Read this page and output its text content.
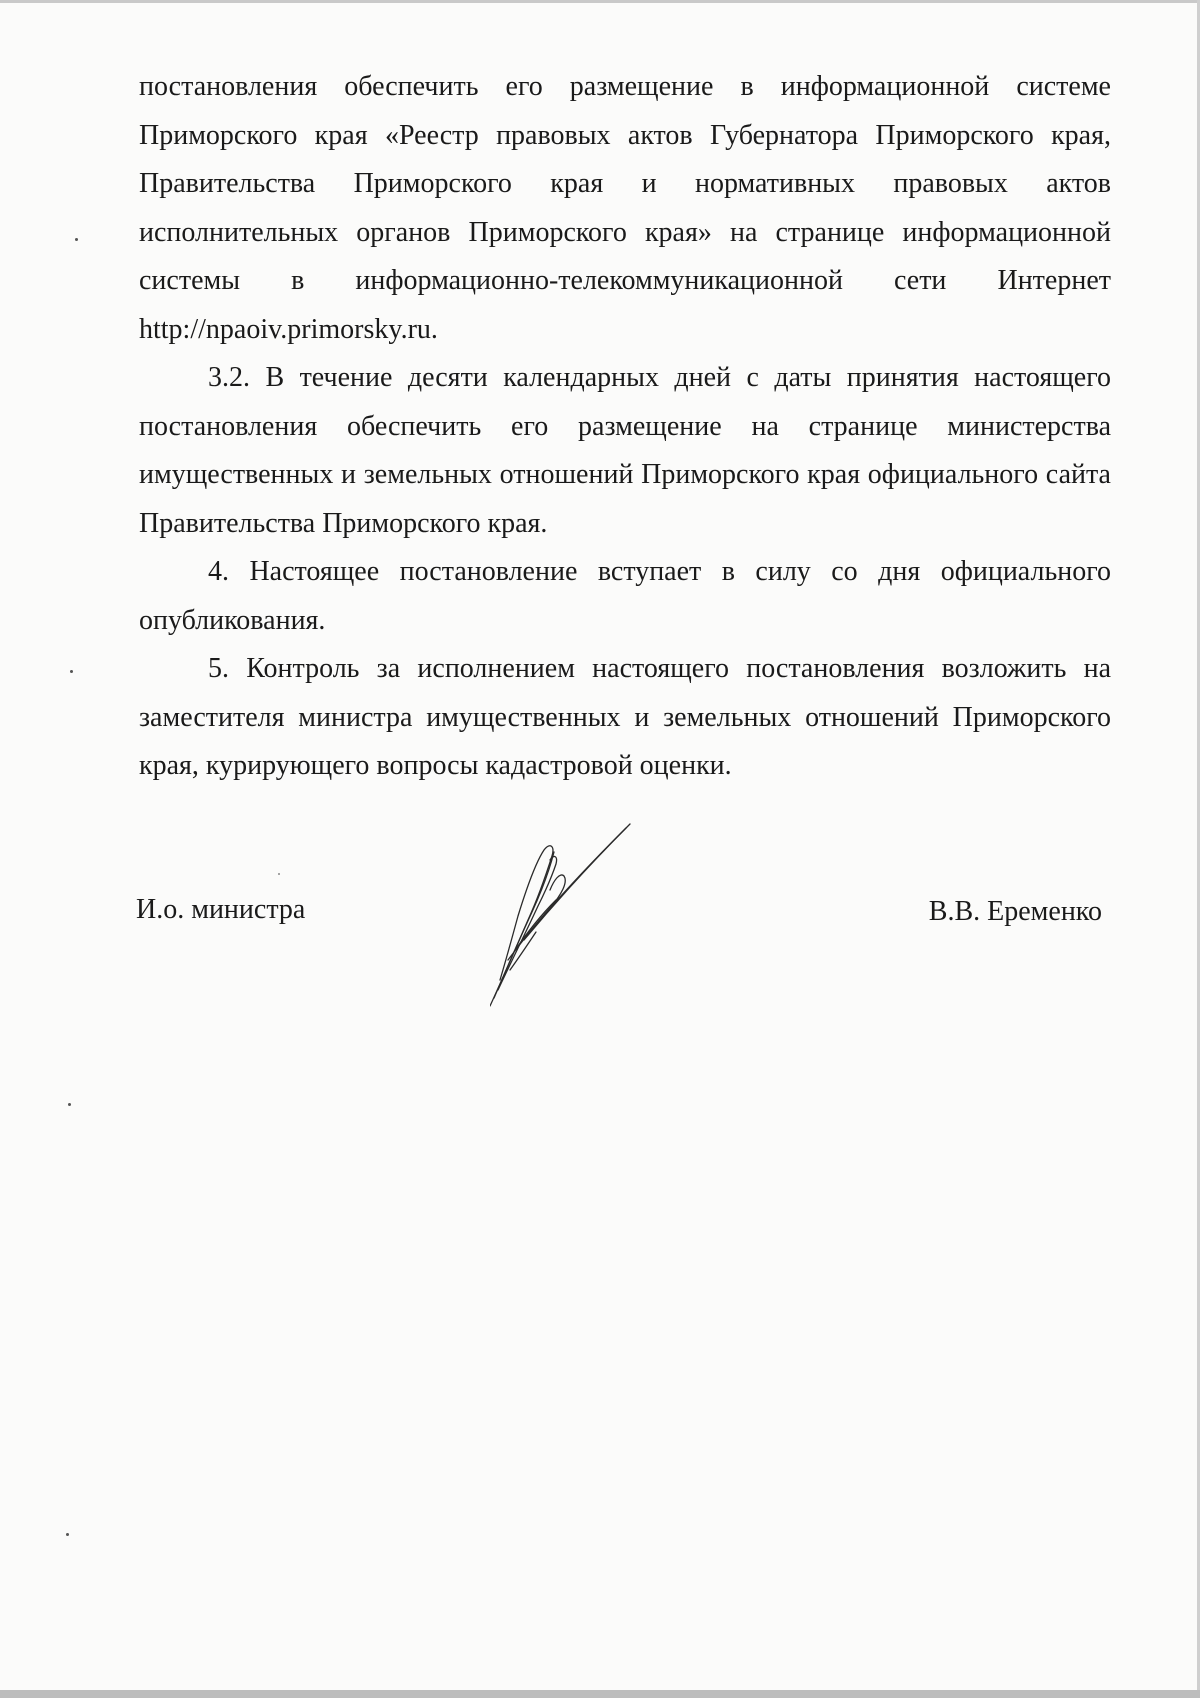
постановления обеспечить его размещение в информационной системе Приморского края «Реестр правовых актов Губернатора Приморского края, Правительства Приморского края и нормативных правовых актов исполнительных органов Приморского края» на странице информационной системы в информационно-телекоммуникационной сети Интернет http://npaoiv.primorsky.ru.

3.2. В течение десяти календарных дней с даты принятия настоящего постановления обеспечить его размещение на странице министерства имущественных и земельных отношений Приморского края официального сайта Правительства Приморского края.

4. Настоящее постановление вступает в силу со дня официального опубликования.

5. Контроль за исполнением настоящего постановления возложить на заместителя министра имущественных и земельных отношений Приморского края, курирующего вопросы кадастровой оценки.

И.о. министра	В.В. Еременко
